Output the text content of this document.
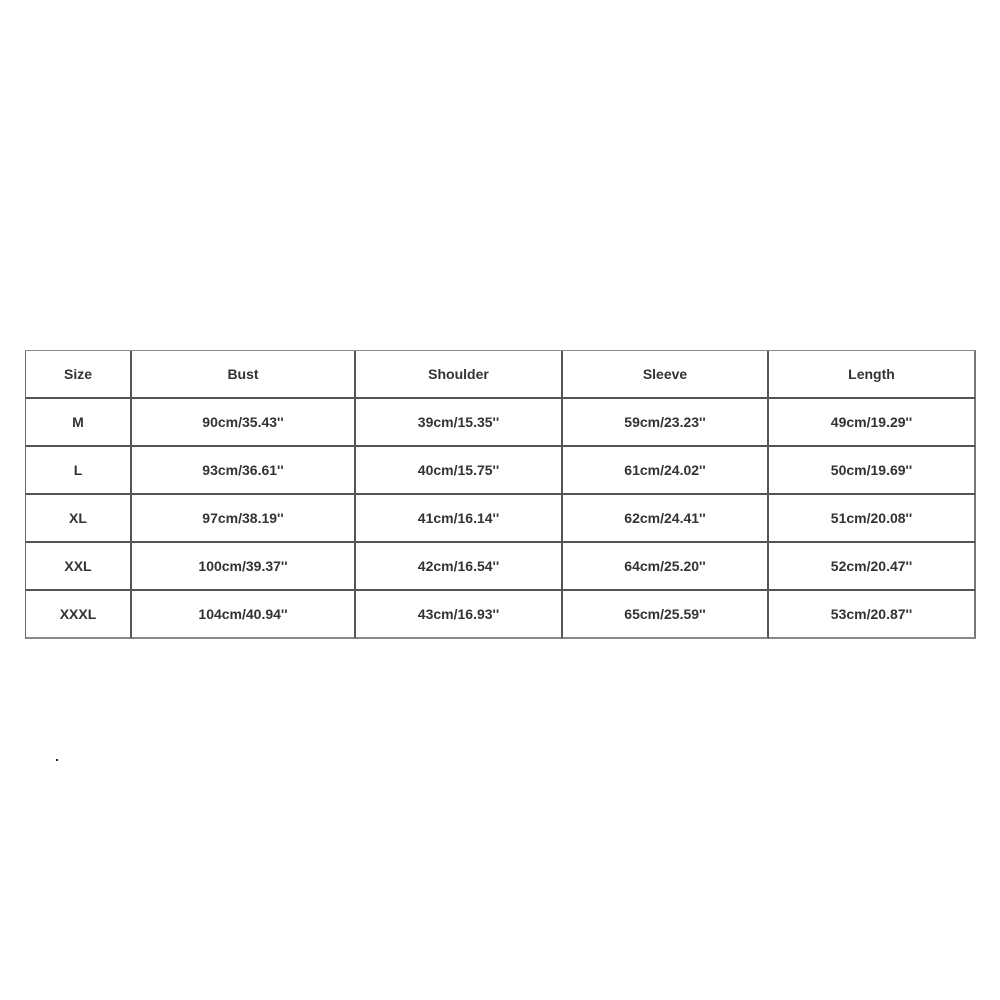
Size	Bust	Shoulder	Sleeve	Length
M	90cm/35.43''	39cm/15.35''	59cm/23.23''	49cm/19.29''
L	93cm/36.61''	40cm/15.75''	61cm/24.02''	50cm/19.69''
XL	97cm/38.19''	41cm/16.14''	62cm/24.41''	51cm/20.08''
XXL	100cm/39.37''	42cm/16.54''	64cm/25.20''	52cm/20.47''
XXXL	104cm/40.94''	43cm/16.93''	65cm/25.59''	53cm/20.87''
